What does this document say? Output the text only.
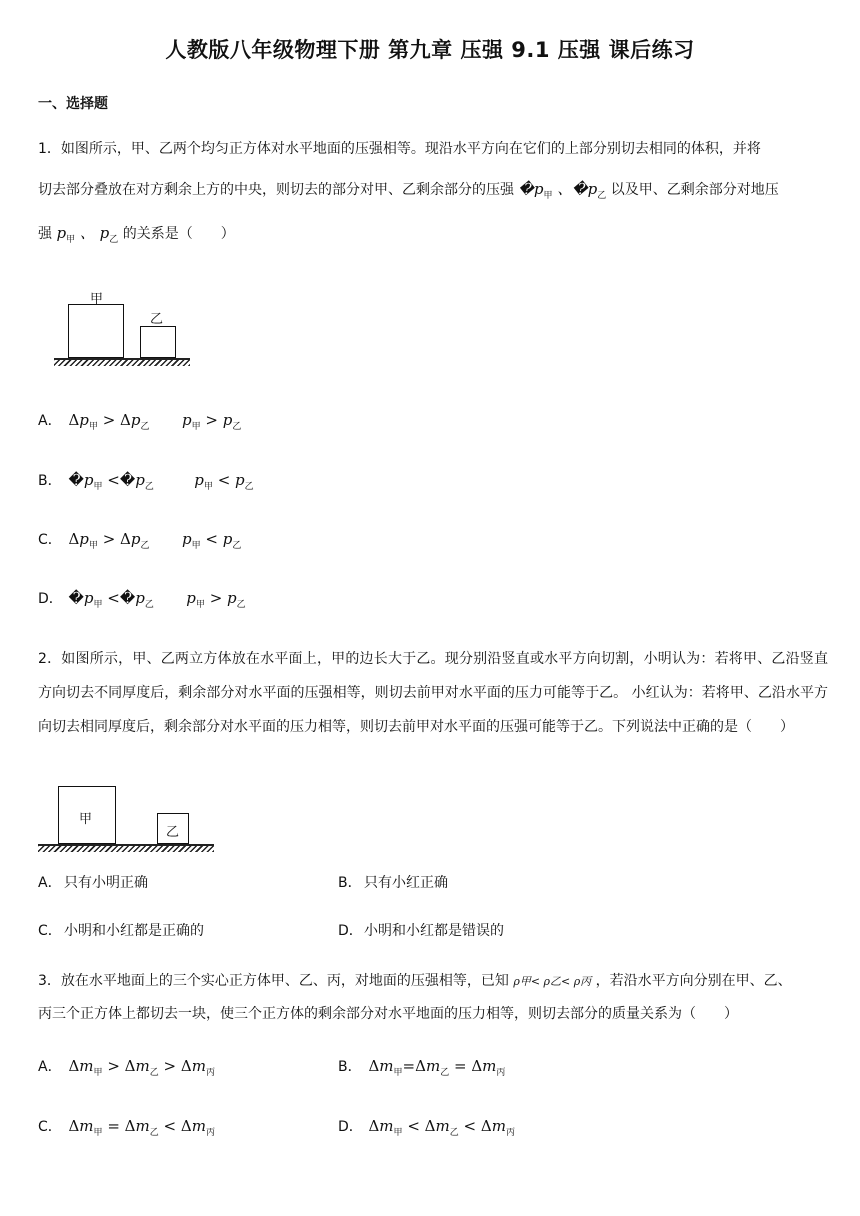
人教版八年级物理下册 第九章 压强 9.1 压强 课后练习
一、选择题
1．如图所示，甲、乙两个均匀正方体对水平地面的压强相等。现沿水平方向在它们的上部分别切去相同的体积，并将
切去部分叠放在对方剩余上方的中央，则切去的部分对甲、乙剩余部分的压强 $�p_甲$ 、$�p_乙$ 以及甲、乙剩余部分对地压
强 $p_甲$ 、 $p_乙$ 的关系是（　　）
甲
乙
A． $\Delta p_甲 > \Delta p_乙$ $p_甲 > p_乙$
B． $�p_甲$ $<�p_乙$	$p_甲 < p_乙$
C． $\Delta p_甲 > \Delta p_乙$ $p_甲 < p_乙$
D． $�p_甲$ $<�p_乙$ $p_甲 > p_乙$
2．如图所示，甲、乙两立方体放在水平面上，甲的边长大于乙。现分别沿竖直或水平方向切割，小明认为：若将甲、乙沿竖直方向切去不同厚度后，剩余部分对水平面的压强相等，则切去前甲对水平面的压力可能等于乙。 小红认为：若将甲、乙沿水平方向切去相同厚度后，剩余部分对水平面的压力相等，则切去前甲对水平面的压强可能等于乙。下列说法中正确的是（　　）
甲
乙
A． 只有小明正确	B． 只有小红正确
C． 小明和小红都是正确的	D．小明和小红都是错误的
3．放在水平地面上的三个实心正方体甲、乙、丙，对地面的压强相等，已知 ρ甲< ρ乙< ρ丙 ，若沿水平方向分别在甲、乙、
丙三个正方体上都切去一块，使三个正方体的剩余部分对水平地面的压力相等，则切去部分的质量关系为（　　）
A． $\Delta m_甲 > \Delta m_乙 > \Delta m_丙$	B． $\Delta m_甲=\Delta m_乙 = \Delta m_丙$
C． $\Delta m_甲 = \Delta m_乙 < \Delta m_丙$	D． $\Delta m_甲 < \Delta m_乙 < \Delta m_丙$
